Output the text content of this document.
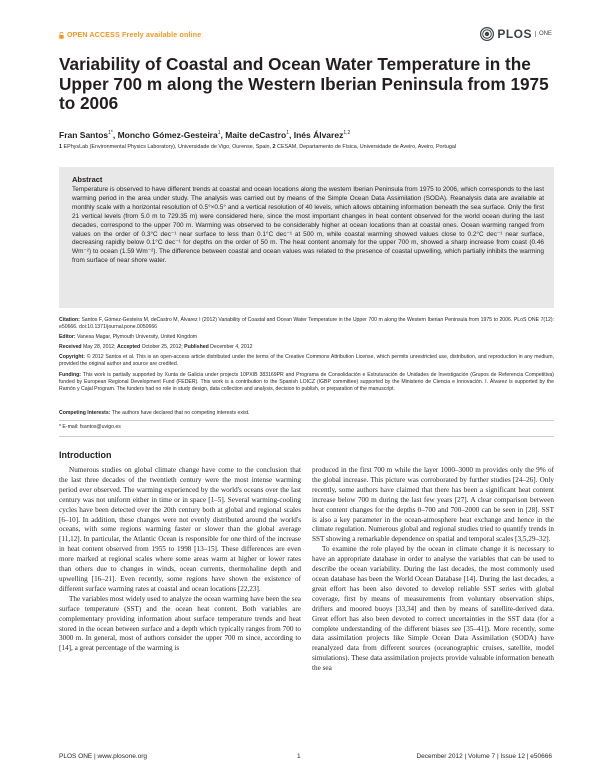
OPEN ACCESS Freely available online	PLOS	ONE
Variability of Coastal and Ocean Water Temperature in the Upper 700 m along the Western Iberian Peninsula from 1975 to 2006
Fran Santos$^{1*}$, Moncho Gómez-Gesteira$^1$, Maite deCastro$^1$, Inés Álvarez$^{1,2}$
1 EPhysLab (Environmental Physics Laboratory), Universidade de Vigo, Ourense, Spain, 2 CESAM, Departamento de Física, Universidade de Aveiro, Aveiro, Portugal
Abstract

Temperature is observed to have different trends at coastal and ocean locations along the western Iberian Peninsula from 1975 to 2006, which corresponds to the last warming period in the area under study. The analysis was carried out by means of the Simple Ocean Data Assimilation (SODA). Reanalysis data are available at monthly scale with a horizontal resolution of 0.5°×0.5° and a vertical resolution of 40 levels, which allows obtaining information beneath the sea surface. Only the first 21 vertical levels (from 5.0 m to 729.35 m) were considered here, since the most important changes in heat content observed for the world ocean during the last decades, correspond to the upper 700 m. Warming was observed to be considerably higher at ocean locations than at coastal ones. Ocean warming ranged from values on the order of 0.3°C dec⁻¹ near surface to less than 0.1°C dec⁻¹ at 500 m, while coastal warming showed values close to 0.2°C dec⁻¹ near surface, decreasing rapidly below 0.1°C dec⁻¹ for depths on the order of 50 m. The heat content anomaly for the upper 700 m, showed a sharp increase from coast (0.46 Wm⁻²) to ocean (1.59 Wm⁻²). The difference between coastal and ocean values was related to the presence of coastal upwelling, which partially inhibits the warming from surface of near shore water.

Citation: Santos F, Gómez-Gesteira M, deCastro M, Álvarez I (2012) Variability of Coastal and Ocean Water Temperature in the Upper 700 m along the Western Iberian Peninsula from 1975 to 2006. PLoS ONE 7(12): e50666. doi:10.1371/journal.pone.0050666

Editor: Vanesa Magar, Plymouth University, United Kingdom

Received May 28, 2012; Accepted October 25, 2012; Published December 4, 2012

Copyright: © 2012 Santos et al. This is an open-access article distributed under the terms of the Creative Commons Attribution License, which permits unrestricted use, distribution, and reproduction in any medium, provided the original author and source are credited.

Funding: This work is partially supported by Xunta de Galicia under projects 10PXIB 383169PR and Programa de Consolidación e Estruturación de Unidades de Investigación (Grupos de Referencia Competitiva) funded by European Regional Development Fund (FEDER). This work is a contribution to the Spanish LOICZ (IGBP committee) supported by the Ministerio de Ciencia e Innovación. I. Álvarez is supported by the Ramón y Cajal Program. The funders had no role in study design, data collection and analysis, decision to publish, or preparation of the manuscript.

Competing Interests: The authors have declared that no competing interests exist.

* E-mail: fsantos@uvigo.es

Introduction

Numerous studies on global climate change have come to the conclusion that the last three decades of the twentieth century were the most intense warming period ever observed. The warming experienced by the world's oceans over the last century was not uniform either in time or in space [1–5]. Several warming-cooling cycles have been detected over the 20th century both at global and regional scales [6–10]. In addition, these changes were not evenly distributed around the world's oceans, with some regions warming faster or slower than the global average [11,12]. In particular, the Atlantic Ocean is responsible for one third of the increase in heat content observed from 1955 to 1998 [13–15]. These differences are even more marked at regional scales where some areas warm at higher or lower rates than others due to changes in winds, ocean currents, thermohaline depth and upwelling [16–21]. Even recently, some regions have shown the existence of different surface warming rates at coastal and ocean locations [22,23].

The variables most widely used to analyze the ocean warming have been the sea surface temperature (SST) and the ocean heat content. Both variables are complementary providing information about surface temperature trends and heat stored in the ocean between surface and a depth which typically ranges from 700 to 3000 m. In general, most of authors consider the upper 700 m since, according to [14], a great percentage of the warming is

produced in the first 700 m while the layer 1000–3000 m provides only the 9% of the global increase. This picture was corroborated by further studies [24–26]. Only recently, some authors have claimed that there has been a significant heat content increase below 700 m during the last few years [27]. A clear comparison between heat content changes for the depths 0–700 and 700–2000 can be seen in [28]. SST is also a key parameter in the ocean-atmosphere heat exchange and hence in the climate regulation. Numerous global and regional studies tried to quantify trends in SST showing a remarkable dependence on spatial and temporal scales [3,5,29–32].

To examine the role played by the ocean in climate change it is necessary to have an appropriate database in order to analyse the variables that can be used to describe the ocean variability. During the last decades, the most commonly used ocean database has been the World Ocean Database [14]. During the last decades, a great effort has been also devoted to develop reliable SST series with global coverage, first by means of measurements from voluntary observation ships, drifters and moored buoys [33,34] and then by means of satellite-derived data. Great effort has also been devoted to correct uncertainties in the SST data (for a complete understanding of the different biases see [35–41]). More recently, some data assimilation projects like Simple Ocean Data Assimilation (SODA) have reanalyzed data from different sources (oceanographic cruises, satellite, model simulations). These data assimilation projects provide valuable information beneath the sea

PLOS ONE | www.plosone.org	1	December 2012 | Volume 7 | Issue 12 | e50666
